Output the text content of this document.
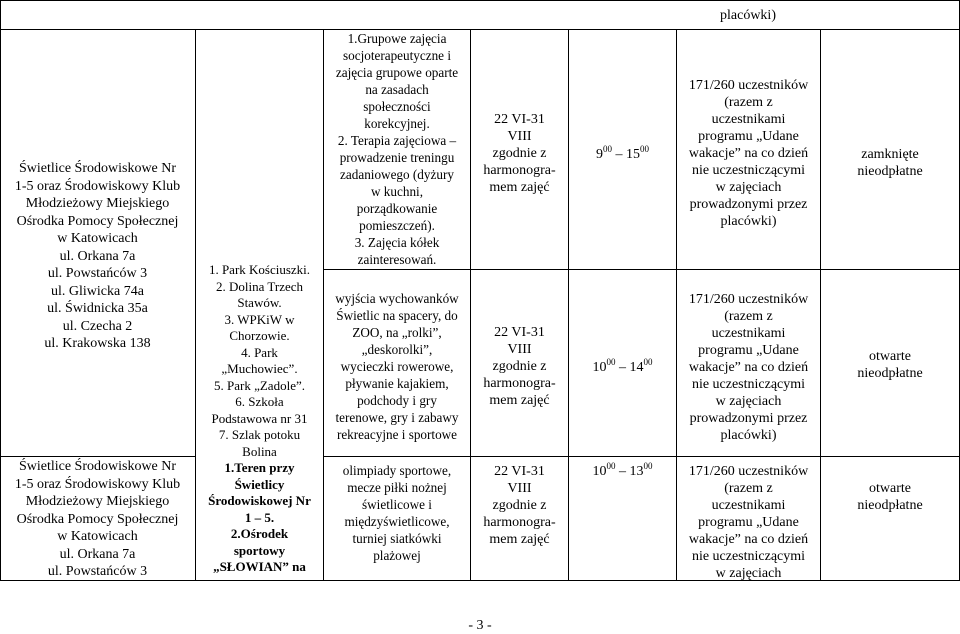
placówki)
Świetlice Środowiskowe Nr
1-5 oraz Środowiskowy Klub
Młodzieżowy Miejskiego
Ośrodka Pomocy Społecznej
w Katowicach
ul. Orkana 7a
ul. Powstańców 3
ul. Gliwicka 74a
ul. Świdnicka 35a
ul. Czecha 2
ul. Krakowska 138
Świetlice Środowiskowe Nr
1-5 oraz Środowiskowy Klub
Młodzieżowy Miejskiego
Ośrodka Pomocy Społecznej
w Katowicach
ul. Orkana 7a
ul. Powstańców 3
1. Park Kościuszki.
2. Dolina Trzech
Stawów.
3. WPKiW w
Chorzowie.
4. Park
„Muchowiec”.
5. Park „Zadole”.
6. Szkoła
Podstawowa nr 31
7. Szlak potoku
Bolina
1.Teren przy
Świetlicy
Środowiskowej Nr
1 – 5.
2.Ośrodek
sportowy
„SŁOWIAN” na
1.Grupowe zajęcia
socjoterapeutyczne i
zajęcia grupowe oparte
na zasadach
społeczności
korekcyjnej.
2. Terapia zajęciowa –
prowadzenie treningu
zadaniowego (dyżury
w kuchni,
porządkowanie
pomieszczeń).
3. Zajęcia kółek
zainteresowań.
22 VI-31
VIII
zgodnie z
harmonogra-
mem zajęć
$9^{00} - 15^{00}$
171/260 uczestników
(razem z
uczestnikami
programu „Udane
wakacje” na co dzień
nie uczestniczącymi
w zajęciach
prowadzonymi przez
placówki)
zamknięte
nieodpłatne
wyjścia wychowanków
Świetlic na spacery, do
ZOO, na „rolki”,
„deskorolki”,
wycieczki rowerowe,
pływanie kajakiem,
podchody i gry
terenowe, gry i zabawy
rekreacyjne i sportowe
22 VI-31
VIII
zgodnie z
harmonogra-
mem zajęć
$10^{00} - 14^{00}$
171/260 uczestników
(razem z
uczestnikami
programu „Udane
wakacje” na co dzień
nie uczestniczącymi
w zajęciach
prowadzonymi przez
placówki)
otwarte
nieodpłatne
olimpiady sportowe,
mecze piłki nożnej
świetlicowe i
międzyświetlicowe,
turniej siatkówki
plażowej
22 VI-31
VIII
zgodnie z
harmonogra-
mem zajęć
$10^{00} - 13^{00}$	171/260 uczestników
(razem z
uczestnikami
programu „Udane
wakacje” na co dzień
nie uczestniczącymi
w zajęciach
otwarte
nieodpłatne
- 3 -
